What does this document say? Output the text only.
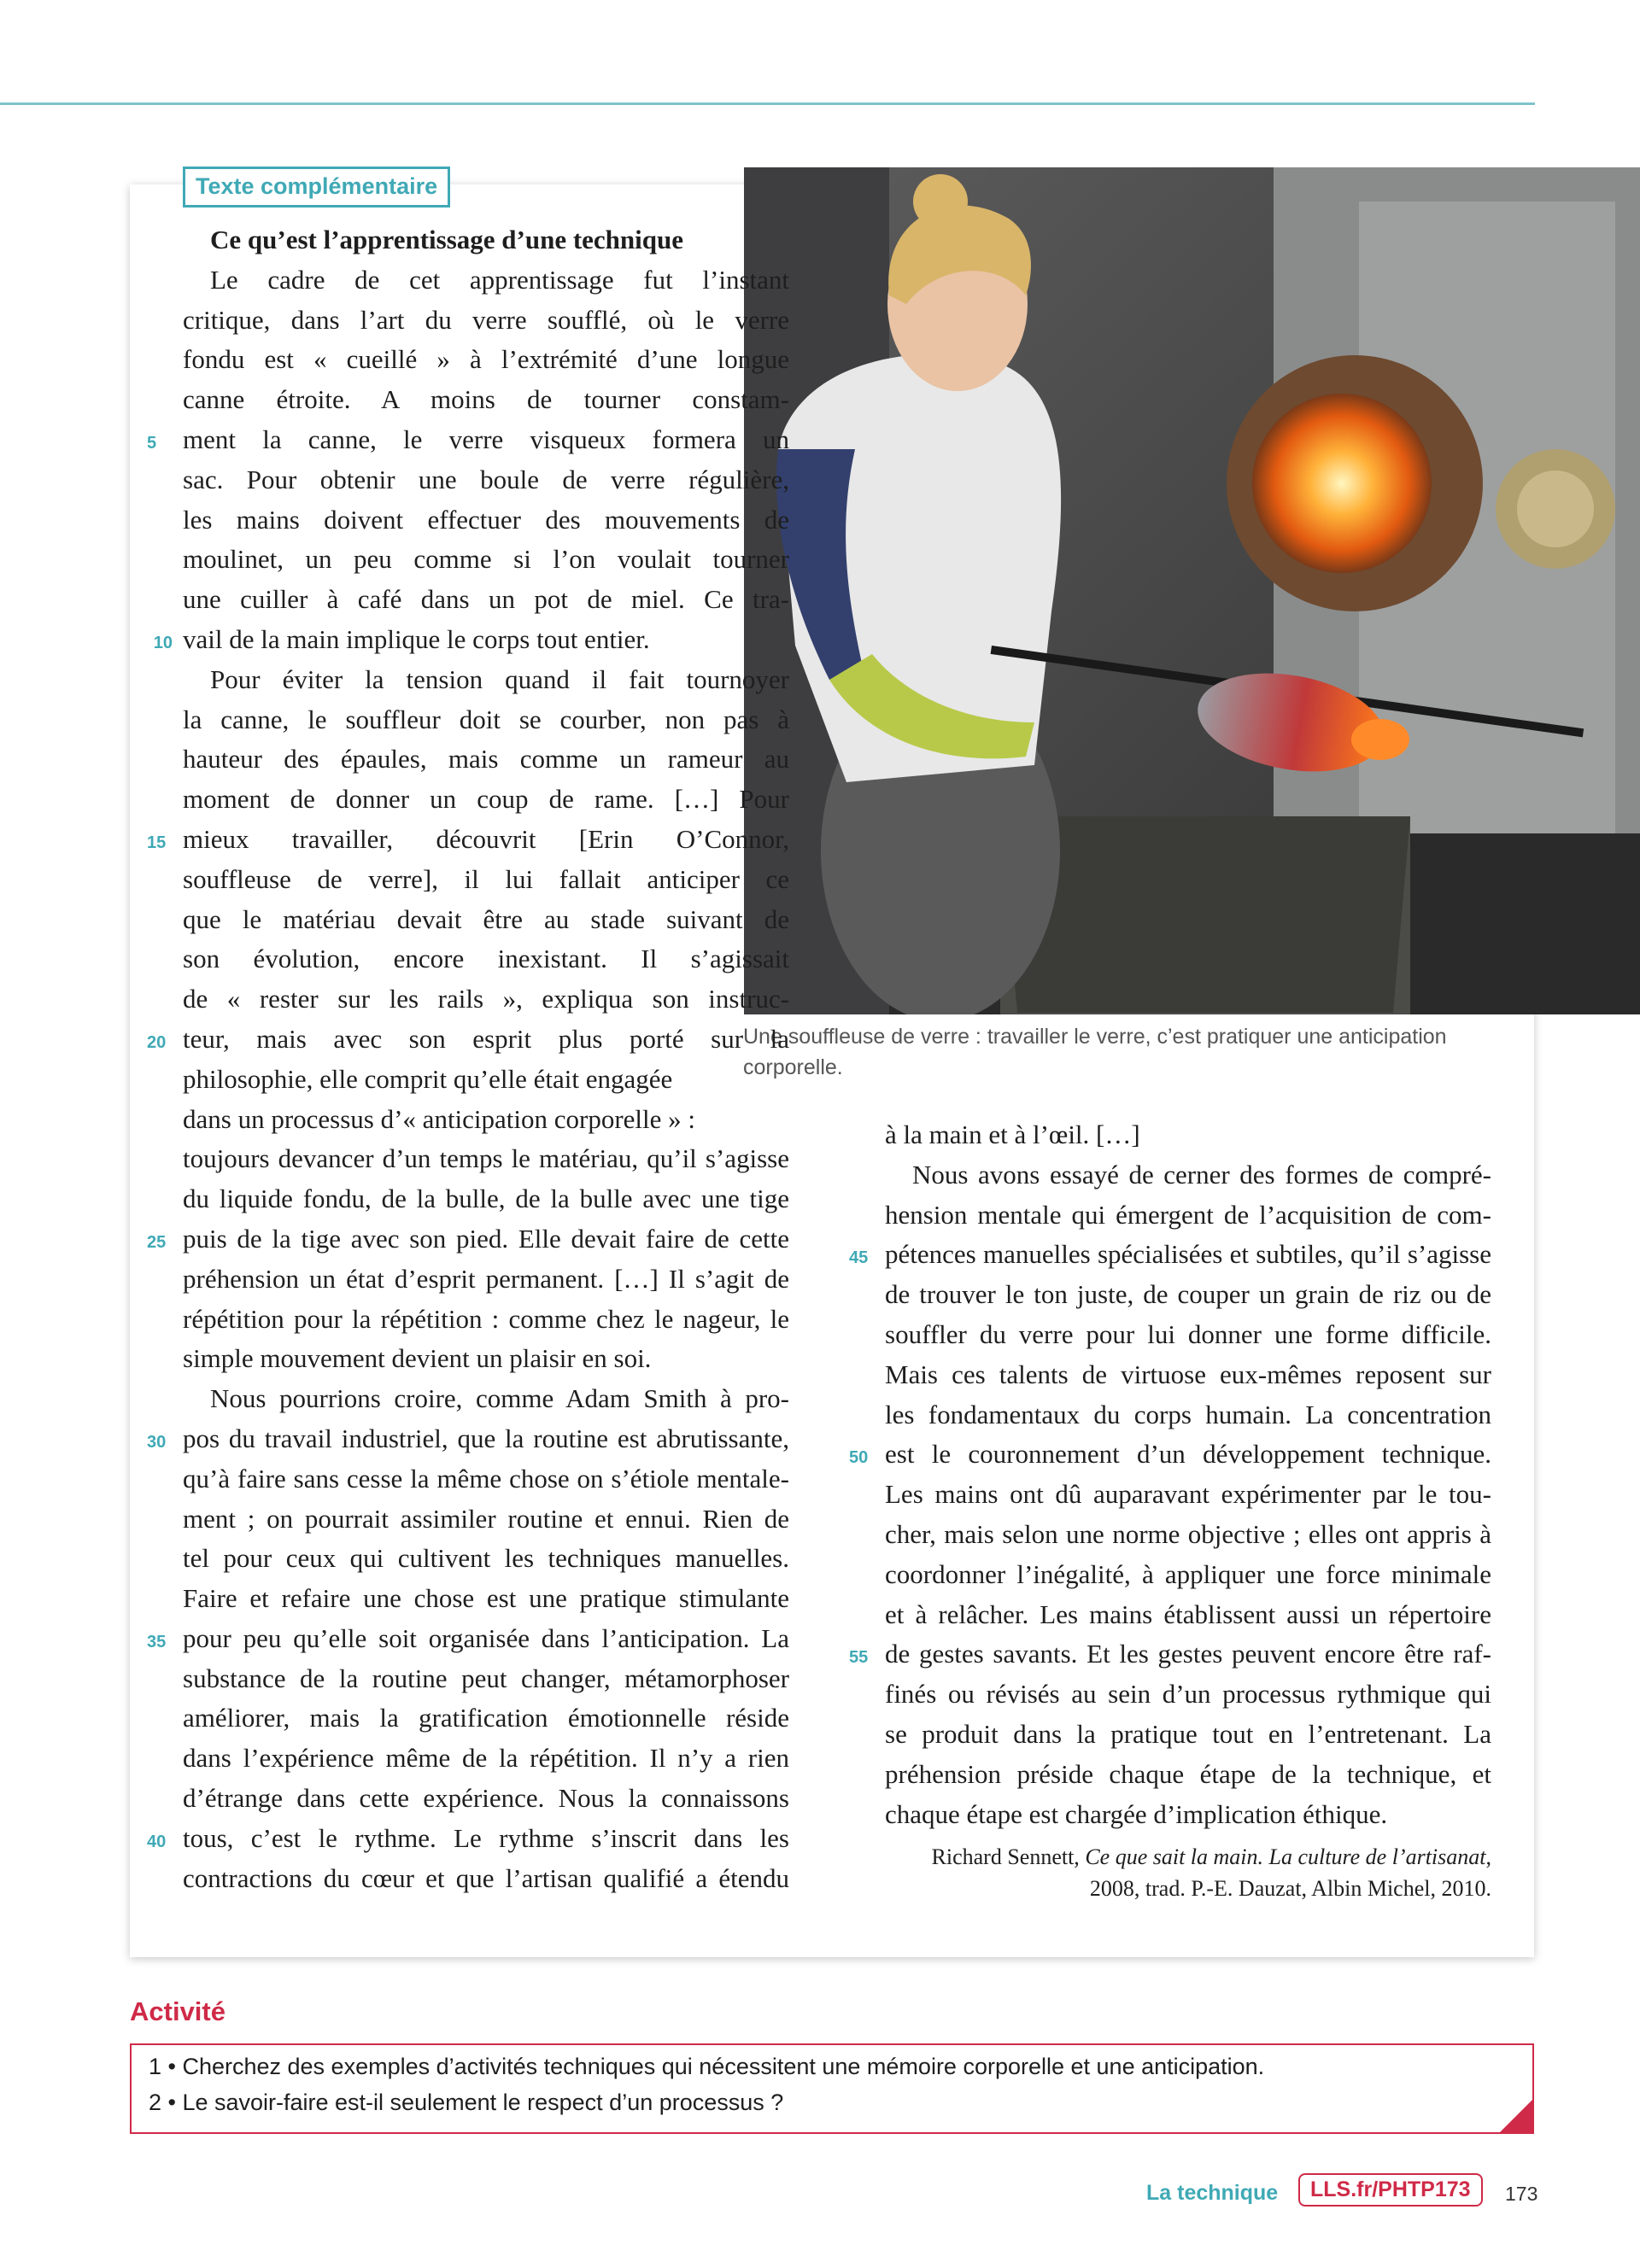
Texte complémentaire
Une souffleuse de verre : travailler le verre, c’est pratiquer une anticipation
corporelle.
Ce qu’est l’apprentissage d’une technique
Le cadre de cet apprentissage fut l’instant
critique, dans l’art du verre soufflé, où le verre
fondu est « cueillé » à l’extrémité d’une longue
canne étroite. A moins de tourner constam-
5 ment la canne, le verre visqueux formera un
sac. Pour obtenir une boule de verre régulière,
les mains doivent effectuer des mouvements de
moulinet, un peu comme si l’on voulait tourner
une cuiller à café dans un pot de miel. Ce tra-
10 vail de la main implique le corps tout entier.
Pour éviter la tension quand il fait tournoyer
la canne, le souffleur doit se courber, non pas à
hauteur des épaules, mais comme un rameur au
moment de donner un coup de rame. […] Pour
15 mieux travailler, découvrit [Erin O’Connor,
souffleuse de verre], il lui fallait anticiper ce
que le matériau devait être au stade suivant de
son évolution, encore inexistant. Il s’agissait
de « rester sur les rails », expliqua son instruc-
20 teur, mais avec son esprit plus porté sur la
philosophie, elle comprit qu’elle était engagée
dans un processus d’« anticipation corporelle » :
toujours devancer d’un temps le matériau, qu’il s’agisse
du liquide fondu, de la bulle, de la bulle avec une tige
25 puis de la tige avec son pied. Elle devait faire de cette
préhension un état d’esprit permanent. […] Il s’agit de
répétition pour la répétition : comme chez le nageur, le
simple mouvement devient un plaisir en soi.
Nous pourrions croire, comme Adam Smith à pro-
30 pos du travail industriel, que la routine est abrutissante,
qu’à faire sans cesse la même chose on s’étiole mentale-
ment ; on pourrait assimiler routine et ennui. Rien de
tel pour ceux qui cultivent les techniques manuelles.
Faire et refaire une chose est une pratique stimulante
35 pour peu qu’elle soit organisée dans l’anticipation. La
substance de la routine peut changer, métamorphoser
améliorer, mais la gratification émotionnelle réside
dans l’expérience même de la répétition. Il n’y a rien
d’étrange dans cette expérience. Nous la connaissons
40 tous, c’est le rythme. Le rythme s’inscrit dans les
contractions du cœur et que l’artisan qualifié a étendu
à la main et à l’œil. […]
Nous avons essayé de cerner des formes de compré-
hension mentale qui émergent de l’acquisition de com-
45 pétences manuelles spécialisées et subtiles, qu’il s’agisse
de trouver le ton juste, de couper un grain de riz ou de
souffler du verre pour lui donner une forme difficile.
Mais ces talents de virtuose eux-mêmes reposent sur
les fondamentaux du corps humain. La concentration
50 est le couronnement d’un développement technique.
Les mains ont dû auparavant expérimenter par le tou-
cher, mais selon une norme objective ; elles ont appris à
coordonner l’inégalité, à appliquer une force minimale
et à relâcher. Les mains établissent aussi un répertoire
55 de gestes savants. Et les gestes peuvent encore être raf-
finés ou révisés au sein d’un processus rythmique qui
se produit dans la pratique tout en l’entretenant. La
préhension préside chaque étape de la technique, et
chaque étape est chargée d’implication éthique.
Richard Sennett, Ce que sait la main. La culture de l’artisanat,
2008, trad. P.-E. Dauzat, Albin Michel, 2010.
Activité
1 • Cherchez des exemples d’activités techniques qui nécessitent une mémoire corporelle et une anticipation.
2 • Le savoir-faire est-il seulement le respect d’un processus ?
La technique	LLS.fr/PHTP173	173
